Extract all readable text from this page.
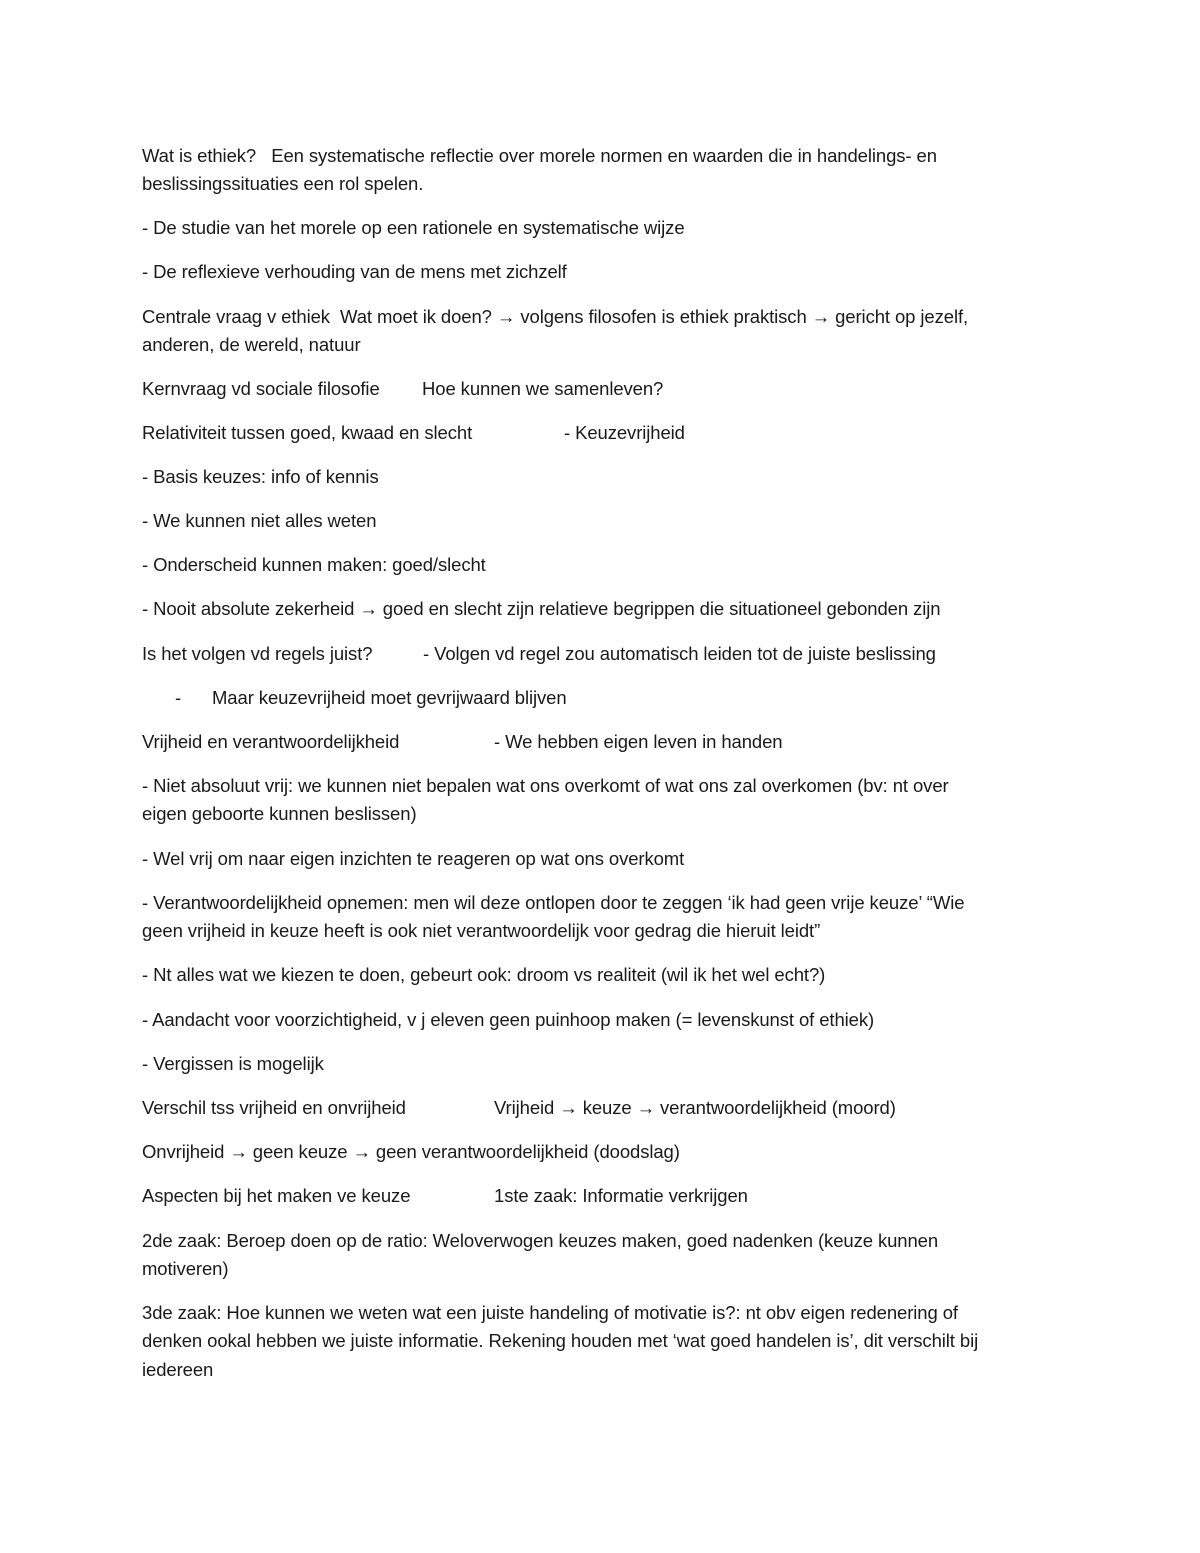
Wat is ethiek?   Een systematische reflectie over morele normen en waarden die in handelings- en
beslissingssituaties een rol spelen.
- De studie van het morele op een rationele en systematische wijze
- De reflexieve verhouding van de mens met zichzelf
Centrale vraag v ethiek  Wat moet ik doen? → volgens filosofen is ethiek praktisch → gericht op jezelf,
anderen, de wereld, natuur
Kernvraag vd sociale filosofie Hoe kunnen we samenleven?
Relativiteit tussen goed, kwaad en slecht	- Keuzevrijheid
- Basis keuzes: info of kennis
- We kunnen niet alles weten
- Onderscheid kunnen maken: goed/slecht
- Nooit absolute zekerheid → goed en slecht zijn relatieve begrippen die situationeel gebonden zijn
Is het volgen vd regels juist?	- Volgen vd regel zou automatisch leiden tot de juiste beslissing
- Maar keuzevrijheid moet gevrijwaard blijven
Vrijheid en verantwoordelijkheid	- We hebben eigen leven in handen
- Niet absoluut vrij: we kunnen niet bepalen wat ons overkomt of wat ons zal overkomen (bv: nt over
eigen geboorte kunnen beslissen)
- Wel vrij om naar eigen inzichten te reageren op wat ons overkomt
- Verantwoordelijkheid opnemen: men wil deze ontlopen door te zeggen ‘ik had geen vrije keuze’ “Wie
geen vrijheid in keuze heeft is ook niet verantwoordelijk voor gedrag die hieruit leidt”
- Nt alles wat we kiezen te doen, gebeurt ook: droom vs realiteit (wil ik het wel echt?)
- Aandacht voor voorzichtigheid, v j eleven geen puinhoop maken (= levenskunst of ethiek)
- Vergissen is mogelijk
Verschil tss vrijheid en onvrijheid	Vrijheid → keuze → verantwoordelijkheid (moord)
Onvrijheid → geen keuze → geen verantwoordelijkheid (doodslag)
Aspecten bij het maken ve keuze	1ste zaak: Informatie verkrijgen
2de zaak: Beroep doen op de ratio: Weloverwogen keuzes maken, goed nadenken (keuze kunnen
motiveren)
3de zaak: Hoe kunnen we weten wat een juiste handeling of motivatie is?: nt obv eigen redenering of
denken ookal hebben we juiste informatie. Rekening houden met ‘wat goed handelen is’, dit verschilt bij
iedereen
